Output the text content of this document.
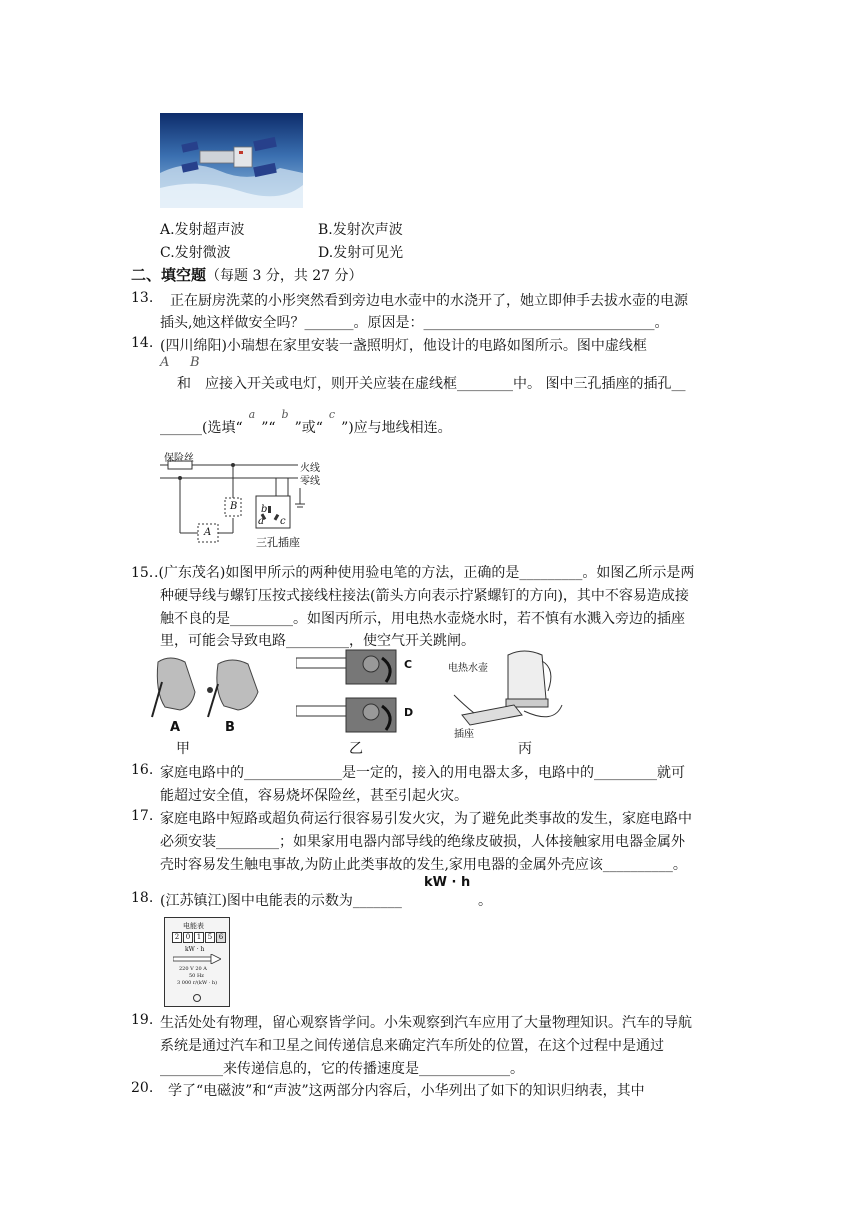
A.发射超声波	B.发射次声波
C.发射微波	D.发射可见光
二、填空题（每题 3 分，共 27 分）
13. 正在厨房洗菜的小彤突然看到旁边电水壶中的水浇开了，她立即伸手去拔水壶的电源
插头,她这样做安全吗？_______。原因是：_________________________________。
14. (四川绵阳)小瑞想在家里安装一盏照明灯，他设计的电路如图所示。图中虚线框
A B
和　应接入开关或电灯，则开关应装在虚线框________中。 图中三孔插座的插孔__
______(选填“$^a$”“$^b$”或“$^c$”)应与地线相连。
保险丝
火线
零线
B
A
b
a c
三孔插座
15．
.(广东茂名)如图甲所示的两种使用验电笔的方法，正确的是_________。如图乙所示是两
种硬导线与螺钉压按式接线柱接法(箭头方向表示拧紧螺钉的方向)，其中不容易造成接
触不良的是_________。如图丙所示，用电热水壶烧水时，若不慎有水溅入旁边的插座
里，可能会导致电路_________，使空气开关跳闸。
A	B
C
D
电热水壶
插座
甲	乙	丙
16. 家庭电路中的______________是一定的，接入的用电器太多，电路中的_________就可
能超过安全值，容易烧坏保险丝，甚至引起火灾。
17. 家庭电路中短路或超负荷运行很容易引发火灾，为了避免此类事故的发生，家庭电路中
必须安装_________；如果家用电器内部导线的绝缘皮破损，人体接触家用电器金属外
壳时容易发生触电事故,为防止此类事故的发生,家用电器的金属外壳应该__________。
18. (江苏镇江)图中电能表的示数为_______
kW · h
。
电能表
2 0 1 5 6
kW · h
220 V 20 A
50 Hz
3 000 r/(kW · h)
19. 生活处处有物理，留心观察皆学问。小朱观察到汽车应用了大量物理知识。汽车的导航
系统是通过汽车和卫星之间传递信息来确定汽车所处的位置，在这个过程中是通过
_________来传递信息的，它的传播速度是_____________。
20. 学了“电磁波”和“声波”这两部分内容后，小华列出了如下的知识归纳表，其中
